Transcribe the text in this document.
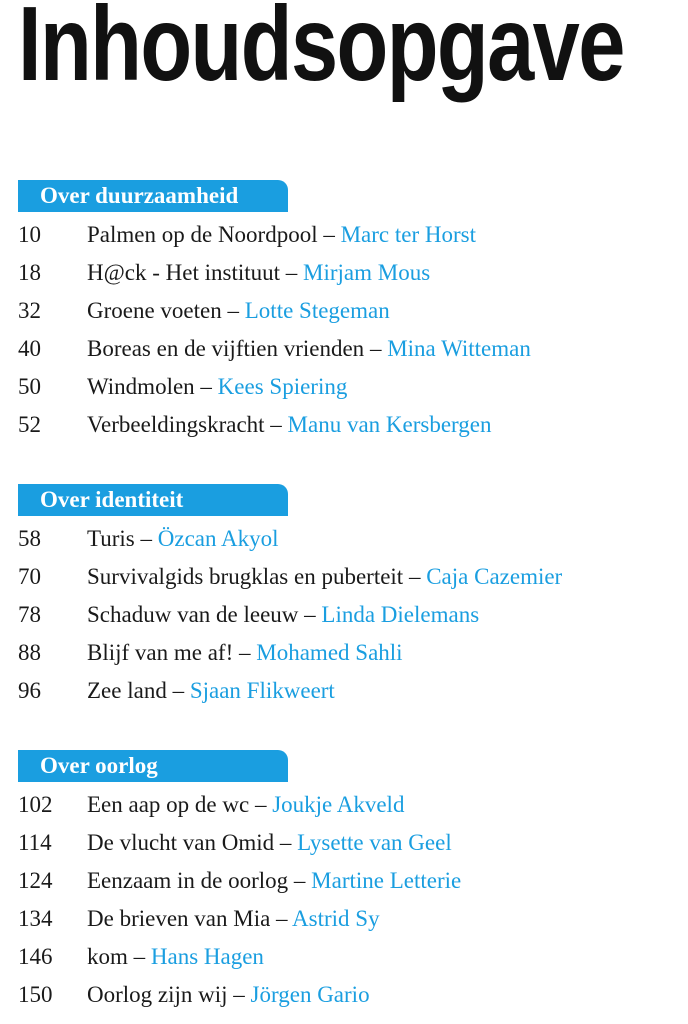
Inhoudsopgave
Over duurzaamheid
10 Palmen op de Noordpool – Marc ter Horst
18 H@ck - Het instituut – Mirjam Mous
32 Groene voeten – Lotte Stegeman
40 Boreas en de vijftien vrienden – Mina Witteman
50 Windmolen – Kees Spiering
52 Verbeeldingskracht – Manu van Kersbergen
Over identiteit
58 Turis – Özcan Akyol
70 Survivalgids brugklas en puberteit – Caja Cazemier
78 Schaduw van de leeuw – Linda Dielemans
88 Blijf van me af! – Mohamed Sahli
96 Zee land – Sjaan Flikweert
Over oorlog
102 Een aap op de wc – Joukje Akveld
114 De vlucht van Omid – Lysette van Geel
124 Eenzaam in de oorlog – Martine Letterie
134 De brieven van Mia – Astrid Sy
146 kom – Hans Hagen
150 Oorlog zijn wij – Jörgen Gario
